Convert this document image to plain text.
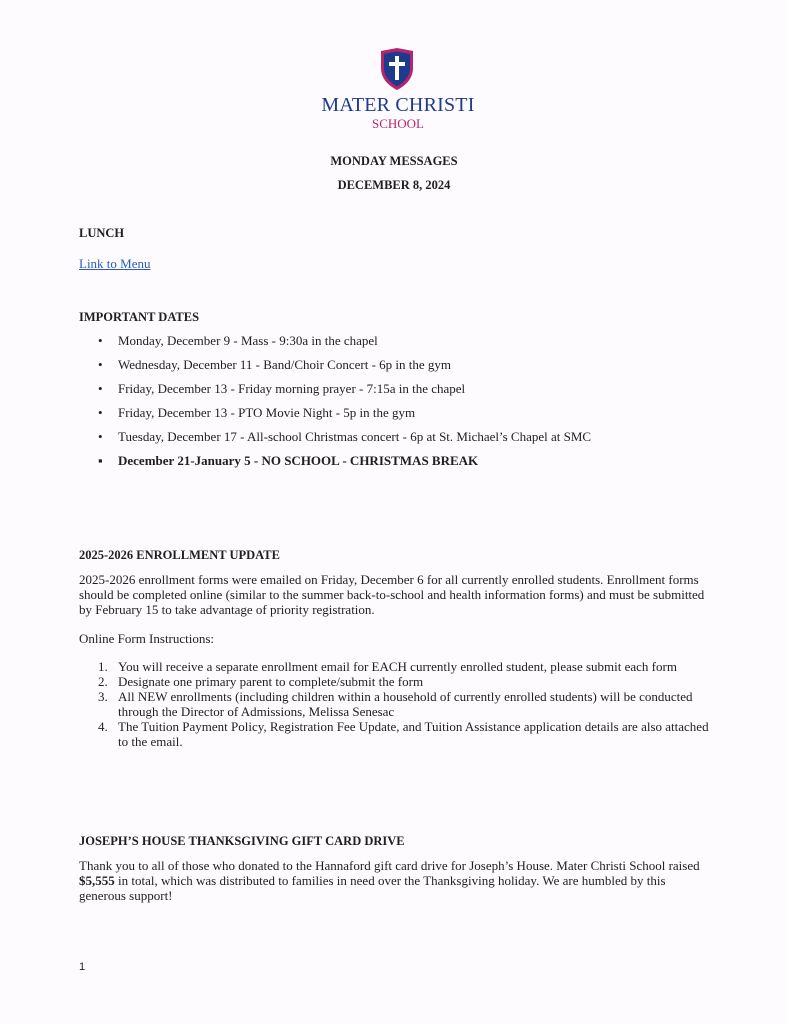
MATER CHRISTI
SCHOOL
MONDAY MESSAGES
DECEMBER 8, 2024
LUNCH
Link to Menu
IMPORTANT DATES
• Monday, December 9 - Mass - 9:30a in the chapel
• Wednesday, December 11 - Band/Choir Concert - 6p in the gym
• Friday, December 13 - Friday morning prayer - 7:15a in the chapel
• Friday, December 13 - PTO Movie Night - 5p in the gym
• Tuesday, December 17 - All-school Christmas concert - 6p at St. Michael’s Chapel at SMC
▪ December 21-January 5 - NO SCHOOL - CHRISTMAS BREAK
2025-2026 ENROLLMENT UPDATE
2025-2026 enrollment forms were emailed on Friday, December 6 for all currently enrolled students. Enrollment forms should be completed online (similar to the summer back-to-school and health information forms) and must be submitted by February 15 to take advantage of priority registration.
Online Form Instructions:
1. You will receive a separate enrollment email for EACH currently enrolled student, please submit each form
2. Designate one primary parent to complete/submit the form
3. All NEW enrollments (including children within a household of currently enrolled students) will be conducted through the Director of Admissions, Melissa Senesac
4. The Tuition Payment Policy, Registration Fee Update, and Tuition Assistance application details are also attached to the email.
JOSEPH’S HOUSE THANKSGIVING GIFT CARD DRIVE
Thank you to all of those who donated to the Hannaford gift card drive for Joseph’s House. Mater Christi School raised $5,555 in total, which was distributed to families in need over the Thanksgiving holiday. We are humbled by this generous support!
1
